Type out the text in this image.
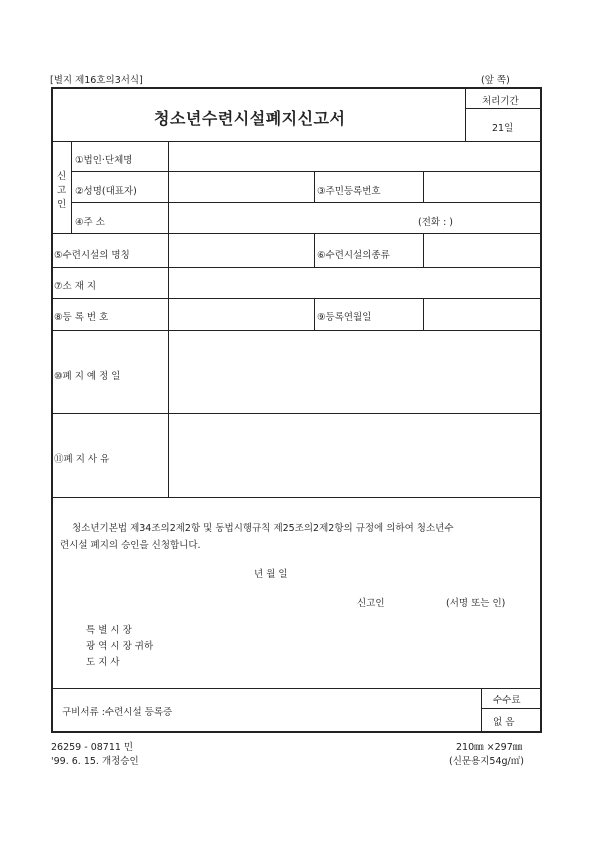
[별지 제16호의3서식]	(앞 쪽)
청소년수련시설폐지신고서
처리기간
21일
신
고
인
①법인·단체명
②성명(대표자)	③주민등록번호
④주 소	(전화 : )
⑤수련시설의 명칭	⑥수련시설의종류
⑦소 재 지
⑧등 록 번 호	⑨등록연월일
⑩폐 지 예 정 일
⑪폐 지 사 유
청소년기본법 제34조의2제2항 및 동법시행규칙 제25조의2제2항의 규정에 의하여 청소년수
련시설 폐지의 승인을 신청합니다.
년 월 일
신고인	(서명 또는 인)
특 별 시 장
광 역 시 장 귀하
도 지 사
구비서류 :수련시설 등록증
수수료
없 음
26259 - 08711 민
'99. 6. 15. 개정승인
210㎜ ×297㎜
(신문용지54g/㎡)
